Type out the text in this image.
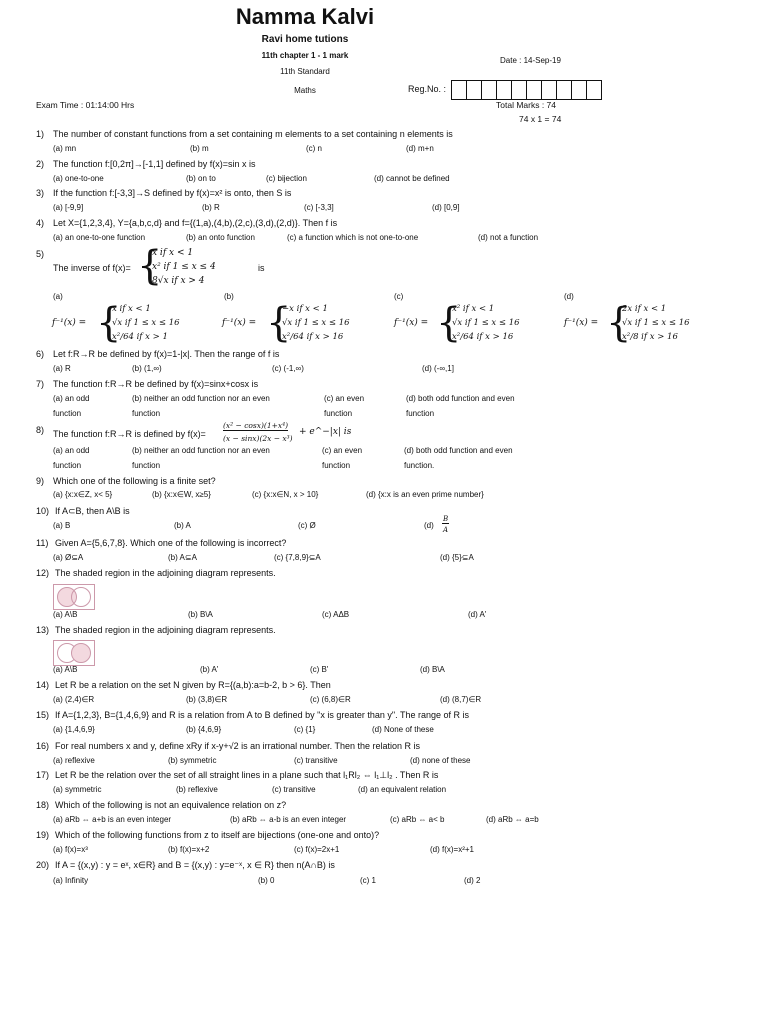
Namma Kalvi
Ravi home tutions
11th chapter 1 - 1 mark
11th Standard
Maths
Date : 14-Sep-19
Reg.No. :
Exam Time : 01:14:00 Hrs	Total Marks : 74
74 x 1 = 74
1) The number of constant functions from a set containing m elements to a set containing n elements is
(a) mn	(b) m	(c) n	(d) m+n
2) The function f:[0,2π]→[-1,1] defined by f(x)=sin x is
(a) one-to-one	(b) on to	(c) bijection	(d) cannot be defined
3) If the function f:[-3,3]→S defined by f(x)=x² is onto, then S is
(a) [-9,9]	(b) R	(c) [-3,3]	(d) [0,9]
4) Let X={1,2,3,4}, Y={a,b,c,d} and f={(1,a),(4,b),(2,c),(3,d),(2,d)}. Then f is
(a) an one-to-one function	(b) an onto function	(c) a function which is not one-to-one	(d) not a function
5)
The inverse of f(x)= {
x if x < 1
x² if 1 ≤ x ≤ 4
8√x if x > 4
is
(a)	(b)	(c)	(d)
f⁻¹(x) = {
x if x < 1
√x if 1 ≤ x ≤ 16
x²/64 if x > 1
f⁻¹(x) = {
−x if x < 1
√x if 1 ≤ x ≤ 16
x²/64 if x > 16
f⁻¹(x) = {
x² if x < 1
√x if 1 ≤ x ≤ 16
x²/64 if x > 16
f⁻¹(x) = {
2x if x < 1
√x if 1 ≤ x ≤ 16
x²/8 if x > 16
6) Let f:R→R be defined by f(x)=1-|x|. Then the range of f is
(a) R	(b) (1,∞)	(c) (-1,∞)	(d) (-∞,1]
7) The function f:R→R be defined by f(x)=sinx+cosx is
(a) an odd	(b) neither an odd function nor an even	(c) an even	(d) both odd function and even
function	function	function	function
8) The function f:R→R is defined by f(x)=
(x² − cosx)(1+x⁴)
(x − sinx)(2x − x³)
+ e^−|x| is
(a) an odd	(b) neither an odd function nor an even	(c) an even	(d) both odd function and even
function	function	function	function.
9) Which one of the following is a finite set?
(a) {x:x∈Z, x< 5}	(b) {x:x∈W, x≥5}	(c) {x:x∈N, x > 10}	(d) {x:x is an even prime number}
10) If A⊂B, then A\B is
(a) B	(b) A	(c) Ø	(d)
B
A
11) Given A={5,6,7,8}. Which one of the following is incorrect?
(a) Ø⊆A	(b) A⊆A	(c) {7,8,9}⊆A	(d) {5}⊆A
12) The shaded region in the adjoining diagram represents.
(a) A\B	(b) B\A	(c) AΔB	(d) A'
13) The shaded region in the adjoining diagram represents.
(a) A\B	(b) A'	(c) B'	(d) B\A
14) Let R be a relation on the set N given by R={(a,b):a=b-2, b > 6}. Then
(a) (2,4)∈R	(b) (3,8)∈R	(c) (6,8)∈R	(d) (8,7)∈R
15) If A={1,2,3}, B={1,4,6,9} and R is a relation from A to B defined by "x is greater than y". The range of R is
(a) {1,4,6,9}	(b) {4,6,9}	(c) {1}	(d) None of these
16) For real numbers x and y, define xRy if x-y+√2 is an irrational number. Then the relation R is
(a) reflexive	(b) symmetric	(c) transitive	(d) none of these
17) Let R be the relation over the set of all straight lines in a plane such that l₁Rl₂ ⇔ l₁⊥l₂ . Then R is
(a) symmetric	(b) reflexive	(c) transitive	(d) an equivalent relation
18) Which of the following is not an equivalence relation on z?
(a) aRb ⇔ a+b is an even integer	(b) aRb ⇔ a-b is an even integer	(c) aRb ⇔ a< b	(d) aRb ⇔ a=b
19) Which of the following functions from z to itself are bijections (one-one and onto)?
(a) f(x)=x³	(b) f(x)=x+2	(c) f(x)=2x+1	(d) f(x)=x²+1
20) If A = {(x,y) : y = eˣ, x∈R} and B = {(x,y) : y=e⁻ˣ, x ∈ R} then n(A∩B) is
(a) Infinity	(b) 0	(c) 1	(d) 2
